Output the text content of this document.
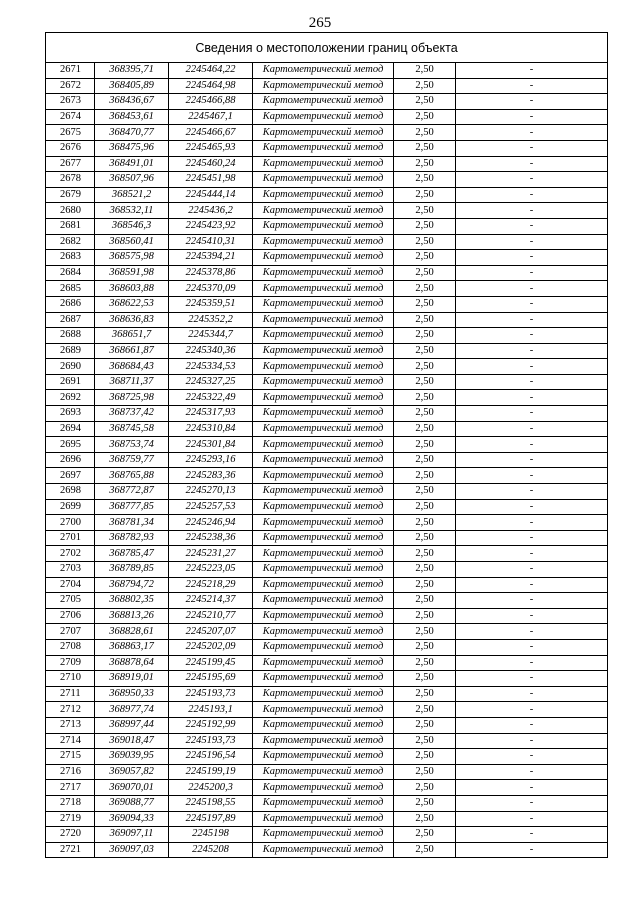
265
Сведения о местоположении границ объекта					
2671	368395,71	2245464,22	Картометрический метод	2,50	-
2672	368405,89	2245464,98	Картометрический метод	2,50	-
2673	368436,67	2245466,88	Картометрический метод	2,50	-
2674	368453,61	2245467,1	Картометрический метод	2,50	-
2675	368470,77	2245466,67	Картометрический метод	2,50	-
2676	368475,96	2245465,93	Картометрический метод	2,50	-
2677	368491,01	2245460,24	Картометрический метод	2,50	-
2678	368507,96	2245451,98	Картометрический метод	2,50	-
2679	368521,2	2245444,14	Картометрический метод	2,50	-
2680	368532,11	2245436,2	Картометрический метод	2,50	-
2681	368546,3	2245423,92	Картометрический метод	2,50	-
2682	368560,41	2245410,31	Картометрический метод	2,50	-
2683	368575,98	2245394,21	Картометрический метод	2,50	-
2684	368591,98	2245378,86	Картометрический метод	2,50	-
2685	368603,88	2245370,09	Картометрический метод	2,50	-
2686	368622,53	2245359,51	Картометрический метод	2,50	-
2687	368636,83	2245352,2	Картометрический метод	2,50	-
2688	368651,7	2245344,7	Картометрический метод	2,50	-
2689	368661,87	2245340,36	Картометрический метод	2,50	-
2690	368684,43	2245334,53	Картометрический метод	2,50	-
2691	368711,37	2245327,25	Картометрический метод	2,50	-
2692	368725,98	2245322,49	Картометрический метод	2,50	-
2693	368737,42	2245317,93	Картометрический метод	2,50	-
2694	368745,58	2245310,84	Картометрический метод	2,50	-
2695	368753,74	2245301,84	Картометрический метод	2,50	-
2696	368759,77	2245293,16	Картометрический метод	2,50	-
2697	368765,88	2245283,36	Картометрический метод	2,50	-
2698	368772,87	2245270,13	Картометрический метод	2,50	-
2699	368777,85	2245257,53	Картометрический метод	2,50	-
2700	368781,34	2245246,94	Картометрический метод	2,50	-
2701	368782,93	2245238,36	Картометрический метод	2,50	-
2702	368785,47	2245231,27	Картометрический метод	2,50	-
2703	368789,85	2245223,05	Картометрический метод	2,50	-
2704	368794,72	2245218,29	Картометрический метод	2,50	-
2705	368802,35	2245214,37	Картометрический метод	2,50	-
2706	368813,26	2245210,77	Картометрический метод	2,50	-
2707	368828,61	2245207,07	Картометрический метод	2,50	-
2708	368863,17	2245202,09	Картометрический метод	2,50	-
2709	368878,64	2245199,45	Картометрический метод	2,50	-
2710	368919,01	2245195,69	Картометрический метод	2,50	-
2711	368950,33	2245193,73	Картометрический метод	2,50	-
2712	368977,74	2245193,1	Картометрический метод	2,50	-
2713	368997,44	2245192,99	Картометрический метод	2,50	-
2714	369018,47	2245193,73	Картометрический метод	2,50	-
2715	369039,95	2245196,54	Картометрический метод	2,50	-
2716	369057,82	2245199,19	Картометрический метод	2,50	-
2717	369070,01	2245200,3	Картометрический метод	2,50	-
2718	369088,77	2245198,55	Картометрический метод	2,50	-
2719	369094,33	2245197,89	Картометрический метод	2,50	-
2720	369097,11	2245198	Картометрический метод	2,50	-
2721	369097,03	2245208	Картометрический метод	2,50	-
